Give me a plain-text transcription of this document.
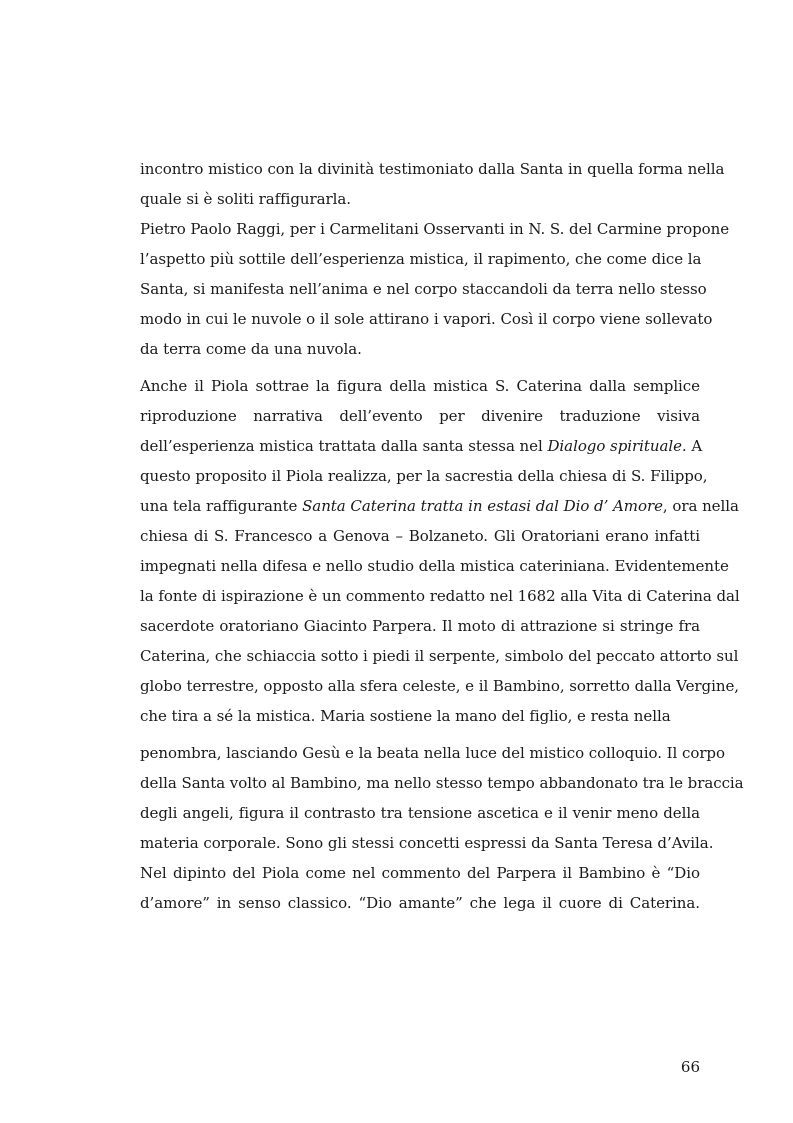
incontro mistico con la divinità testimoniato dalla Santa in quella forma nella
quale si è soliti raffigurarla.
Pietro Paolo Raggi, per i Carmelitani Osservanti in N. S. del Carmine propone
l’aspetto più sottile dell’esperienza mistica, il rapimento, che come dice la
Santa, si manifesta nell’anima e nel corpo staccandoli da terra nello stesso
modo in cui le nuvole o il sole attirano i vapori. Così il corpo viene sollevato
da terra come da una nuvola.
Anche il Piola sottrae la figura della mistica S. Caterina dalla semplice
riproduzione narrativa dell’evento per divenire traduzione visiva
dell’esperienza mistica trattata dalla santa stessa nel Dialogo spirituale. A
questo proposito il Piola realizza, per la sacrestia della chiesa di S. Filippo,
una tela raffigurante Santa Caterina tratta in estasi dal Dio d’ Amore, ora nella
chiesa di S. Francesco a Genova – Bolzaneto. Gli Oratoriani erano infatti
impegnati nella difesa e nello studio della mistica cateriniana. Evidentemente
la fonte di ispirazione è un commento redatto nel 1682 alla Vita di Caterina dal
sacerdote oratoriano Giacinto Parpera. Il moto di attrazione si stringe fra
Caterina, che schiaccia sotto i piedi il serpente, simbolo del peccato attorto sul
globo terrestre, opposto alla sfera celeste, e il Bambino, sorretto dalla Vergine,
che tira a sé la mistica. Maria sostiene la mano del figlio, e resta nella
penombra, lasciando Gesù e la beata nella luce del mistico colloquio. Il corpo
della Santa volto al Bambino, ma nello stesso tempo abbandonato tra le braccia
degli angeli, figura il contrasto tra tensione ascetica e il venir meno della
materia corporale. Sono gli stessi concetti espressi da Santa Teresa d’Avila.
Nel dipinto del Piola come nel commento del Parpera il Bambino è “Dio
d’amore” in senso classico. “Dio amante” che lega il cuore di Caterina.
66
